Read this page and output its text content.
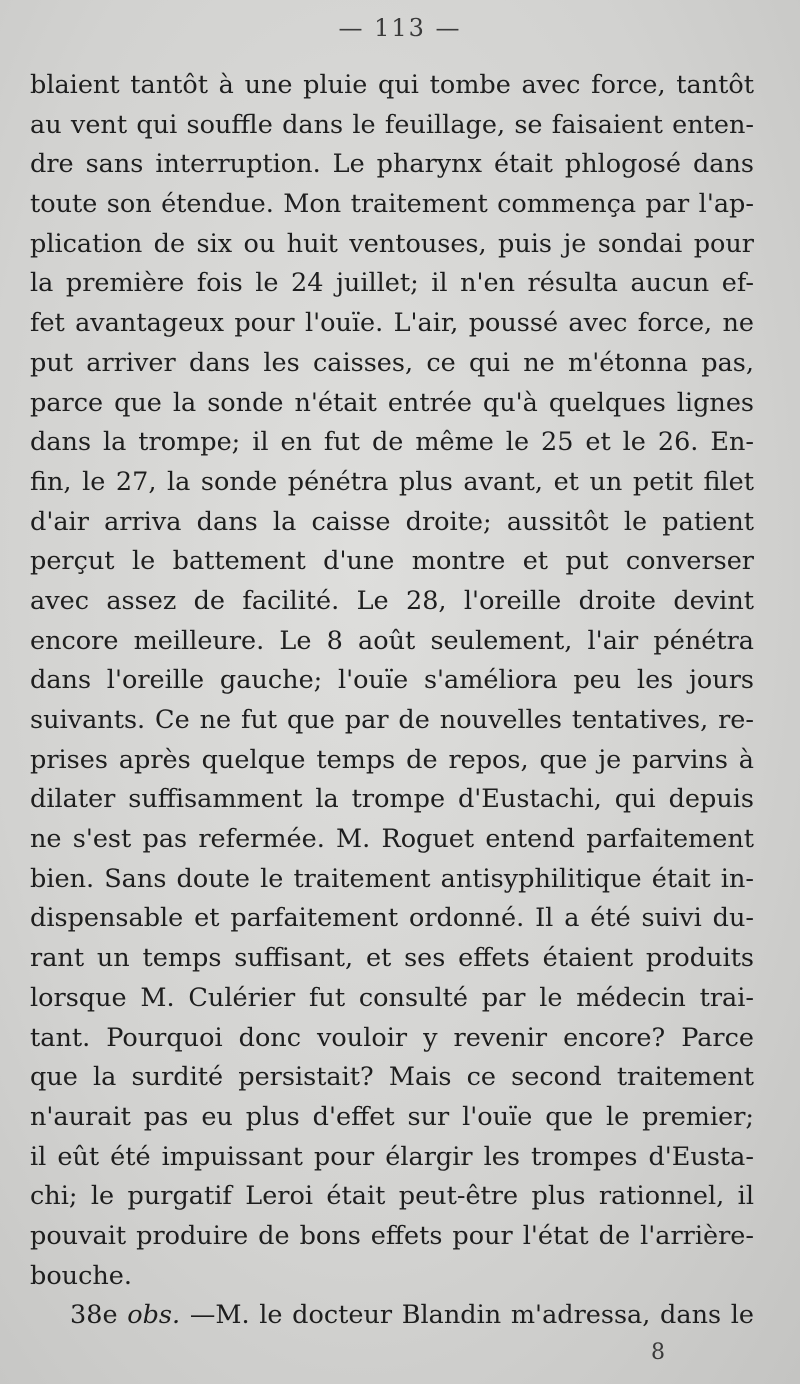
— 113 —
blaient tantôt à une pluie qui tombe avec force, tantôt
au vent qui souffle dans le feuillage, se faisaient enten-
dre sans interruption. Le pharynx était phlogosé dans
toute son étendue. Mon traitement commença par l'ap-
plication de six ou huit ventouses, puis je sondai pour
la première fois le 24 juillet; il n'en résulta aucun ef-
fet avantageux pour l'ouïe. L'air, poussé avec force, ne
put arriver dans les caisses, ce qui ne m'étonna pas,
parce que la sonde n'était entrée qu'à quelques lignes
dans la trompe; il en fut de même le 25 et le 26. En-
fin, le 27, la sonde pénétra plus avant, et un petit filet
d'air arriva dans la caisse droite; aussitôt le patient
perçut le battement d'une montre et put converser
avec assez de facilité. Le 28, l'oreille droite devint
encore meilleure. Le 8 août seulement, l'air pénétra
dans l'oreille gauche; l'ouïe s'améliora peu les jours
suivants. Ce ne fut que par de nouvelles tentatives, re-
prises après quelque temps de repos, que je parvins à
dilater suffisamment la trompe d'Eustachi, qui depuis
ne s'est pas refermée. M. Roguet entend parfaitement
bien. Sans doute le traitement antisyphilitique était in-
dispensable et parfaitement ordonné. Il a été suivi du-
rant un temps suffisant, et ses effets étaient produits
lorsque M. Culérier fut consulté par le médecin trai-
tant. Pourquoi donc vouloir y revenir encore? Parce
que la surdité persistait? Mais ce second traitement
n'aurait pas eu plus d'effet sur l'ouïe que le premier;
il eût été impuissant pour élargir les trompes d'Eusta-
chi; le purgatif Leroi était peut-être plus rationnel, il
pouvait produire de bons effets pour l'état de l'arrière-
bouche.
38e obs. —M. le docteur Blandin m'adressa, dans le
8
